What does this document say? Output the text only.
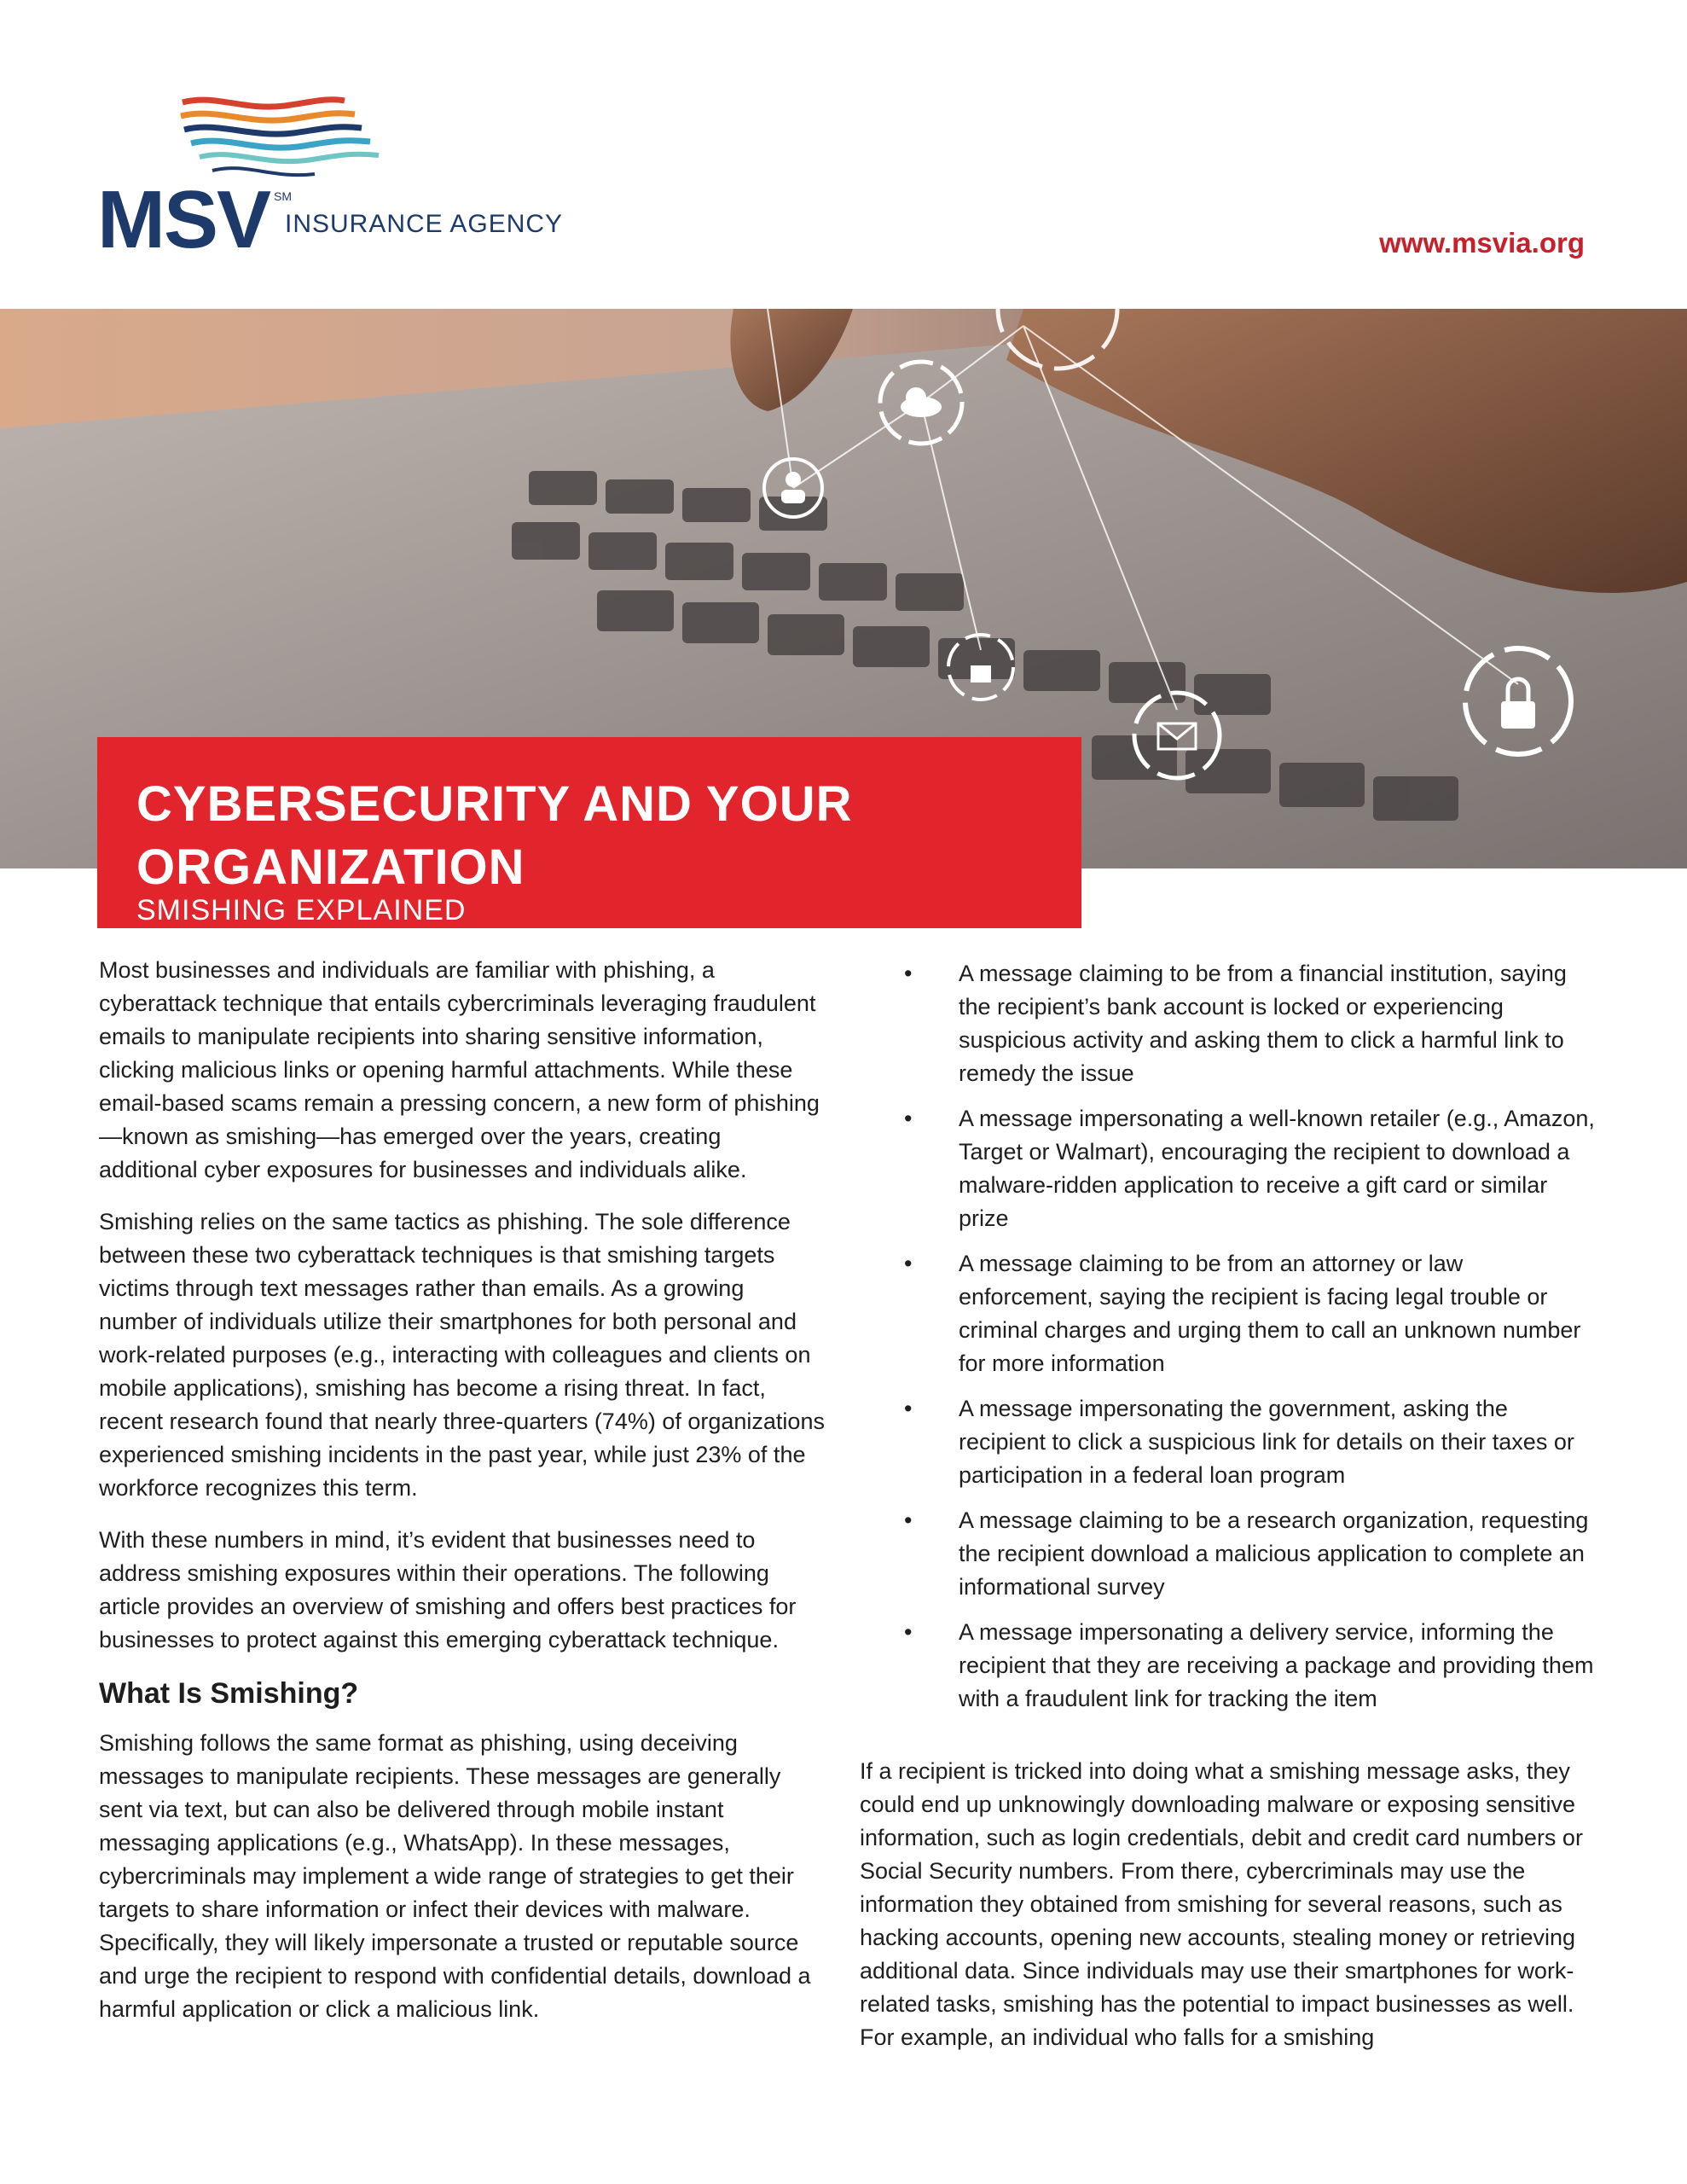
MSV SM
INSURANCE AGENCY
www.msvia.org
CYBERSECURITY AND YOUR ORGANIZATION
SMISHING EXPLAINED

Most businesses and individuals are familiar with phishing, a cyberattack technique that entails cybercriminals leveraging fraudulent emails to manipulate recipients into sharing sensitive information, clicking malicious links or opening harmful attachments. While these email-based scams remain a pressing concern, a new form of phishing—known as smishing—has emerged over the years, creating additional cyber exposures for businesses and individuals alike.

Smishing relies on the same tactics as phishing. The sole difference between these two cyberattack techniques is that smishing targets victims through text messages rather than emails. As a growing number of individuals utilize their smartphones for both personal and work-related purposes (e.g., interacting with colleagues and clients on mobile applications), smishing has become a rising threat. In fact, recent research found that nearly three-quarters (74%) of organizations experienced smishing incidents in the past year, while just 23% of the workforce recognizes this term.

With these numbers in mind, it’s evident that businesses need to address smishing exposures within their operations. The following article provides an overview of smishing and offers best practices for businesses to protect against this emerging cyberattack technique.

What Is Smishing?

Smishing follows the same format as phishing, using deceiving messages to manipulate recipients. These messages are generally sent via text, but can also be delivered through mobile instant messaging applications (e.g., WhatsApp). In these messages, cybercriminals may implement a wide range of strategies to get their targets to share information or infect their devices with malware. Specifically, they will likely impersonate a trusted or reputable source and urge the recipient to respond with confidential details, download a harmful application or click a malicious link.

• A message claiming to be from a financial institution, saying the recipient’s bank account is locked or experiencing suspicious activity and asking them to click a harmful link to remedy the issue
• A message impersonating a well-known retailer (e.g., Amazon, Target or Walmart), encouraging the recipient to download a malware-ridden application to receive a gift card or similar prize
• A message claiming to be from an attorney or law enforcement, saying the recipient is facing legal trouble or criminal charges and urging them to call an unknown number for more information
• A message impersonating the government, asking the recipient to click a suspicious link for details on their taxes or participation in a federal loan program
• A message claiming to be a research organization, requesting the recipient download a malicious application to complete an informational survey
• A message impersonating a delivery service, informing the recipient that they are receiving a package and providing them with a fraudulent link for tracking the item

If a recipient is tricked into doing what a smishing message asks, they could end up unknowingly downloading malware or exposing sensitive information, such as login credentials, debit and credit card numbers or Social Security numbers. From there, cybercriminals may use the information they obtained from smishing for several reasons, such as hacking accounts, opening new accounts, stealing money or retrieving additional data. Since individuals may use their smartphones for work-related tasks, smishing has the potential to impact businesses as well. For example, an individual who falls for a smishing
